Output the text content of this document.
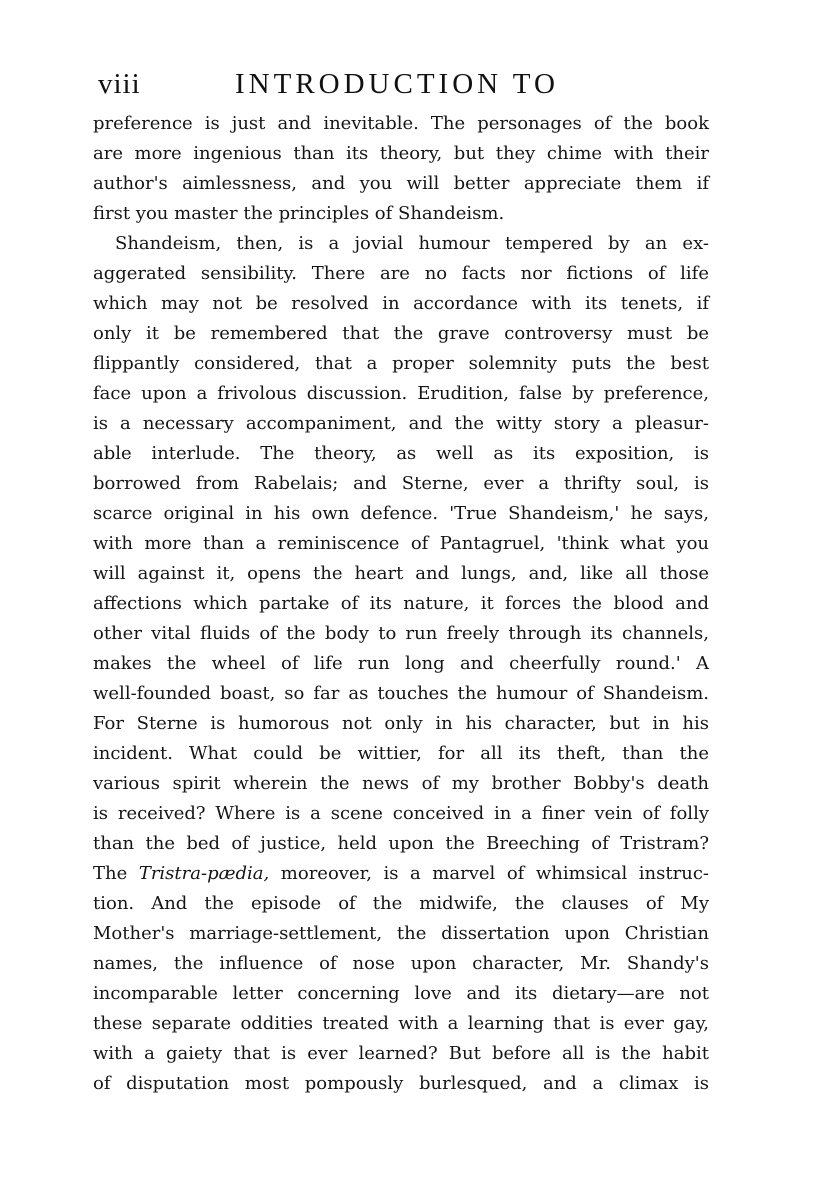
viii	INTRODUCTION TO
preference is just and inevitable. The personages of the book
are more ingenious than its theory, but they chime with their
author's aimlessness, and you will better appreciate them if
first you master the principles of Shandeism.
Shandeism, then, is a jovial humour tempered by an ex-
aggerated sensibility. There are no facts nor fictions of life
which may not be resolved in accordance with its tenets, if
only it be remembered that the grave controversy must be
flippantly considered, that a proper solemnity puts the best
face upon a frivolous discussion. Erudition, false by preference,
is a necessary accompaniment, and the witty story a pleasur-
able interlude. The theory, as well as its exposition, is
borrowed from Rabelais; and Sterne, ever a thrifty soul, is
scarce original in his own defence. 'True Shandeism,' he says,
with more than a reminiscence of Pantagruel, 'think what you
will against it, opens the heart and lungs, and, like all those
affections which partake of its nature, it forces the blood and
other vital fluids of the body to run freely through its channels,
makes the wheel of life run long and cheerfully round.' A
well-founded boast, so far as touches the humour of Shandeism.
For Sterne is humorous not only in his character, but in his
incident. What could be wittier, for all its theft, than the
various spirit wherein the news of my brother Bobby's death
is received? Where is a scene conceived in a finer vein of folly
than the bed of justice, held upon the Breeching of Tristram?
The Tristra-pædia, moreover, is a marvel of whimsical instruc-
tion. And the episode of the midwife, the clauses of My
Mother's marriage-settlement, the dissertation upon Christian
names, the influence of nose upon character, Mr. Shandy's
incomparable letter concerning love and its dietary—are not
these separate oddities treated with a learning that is ever gay,
with a gaiety that is ever learned? But before all is the habit
of disputation most pompously burlesqued, and a climax is
